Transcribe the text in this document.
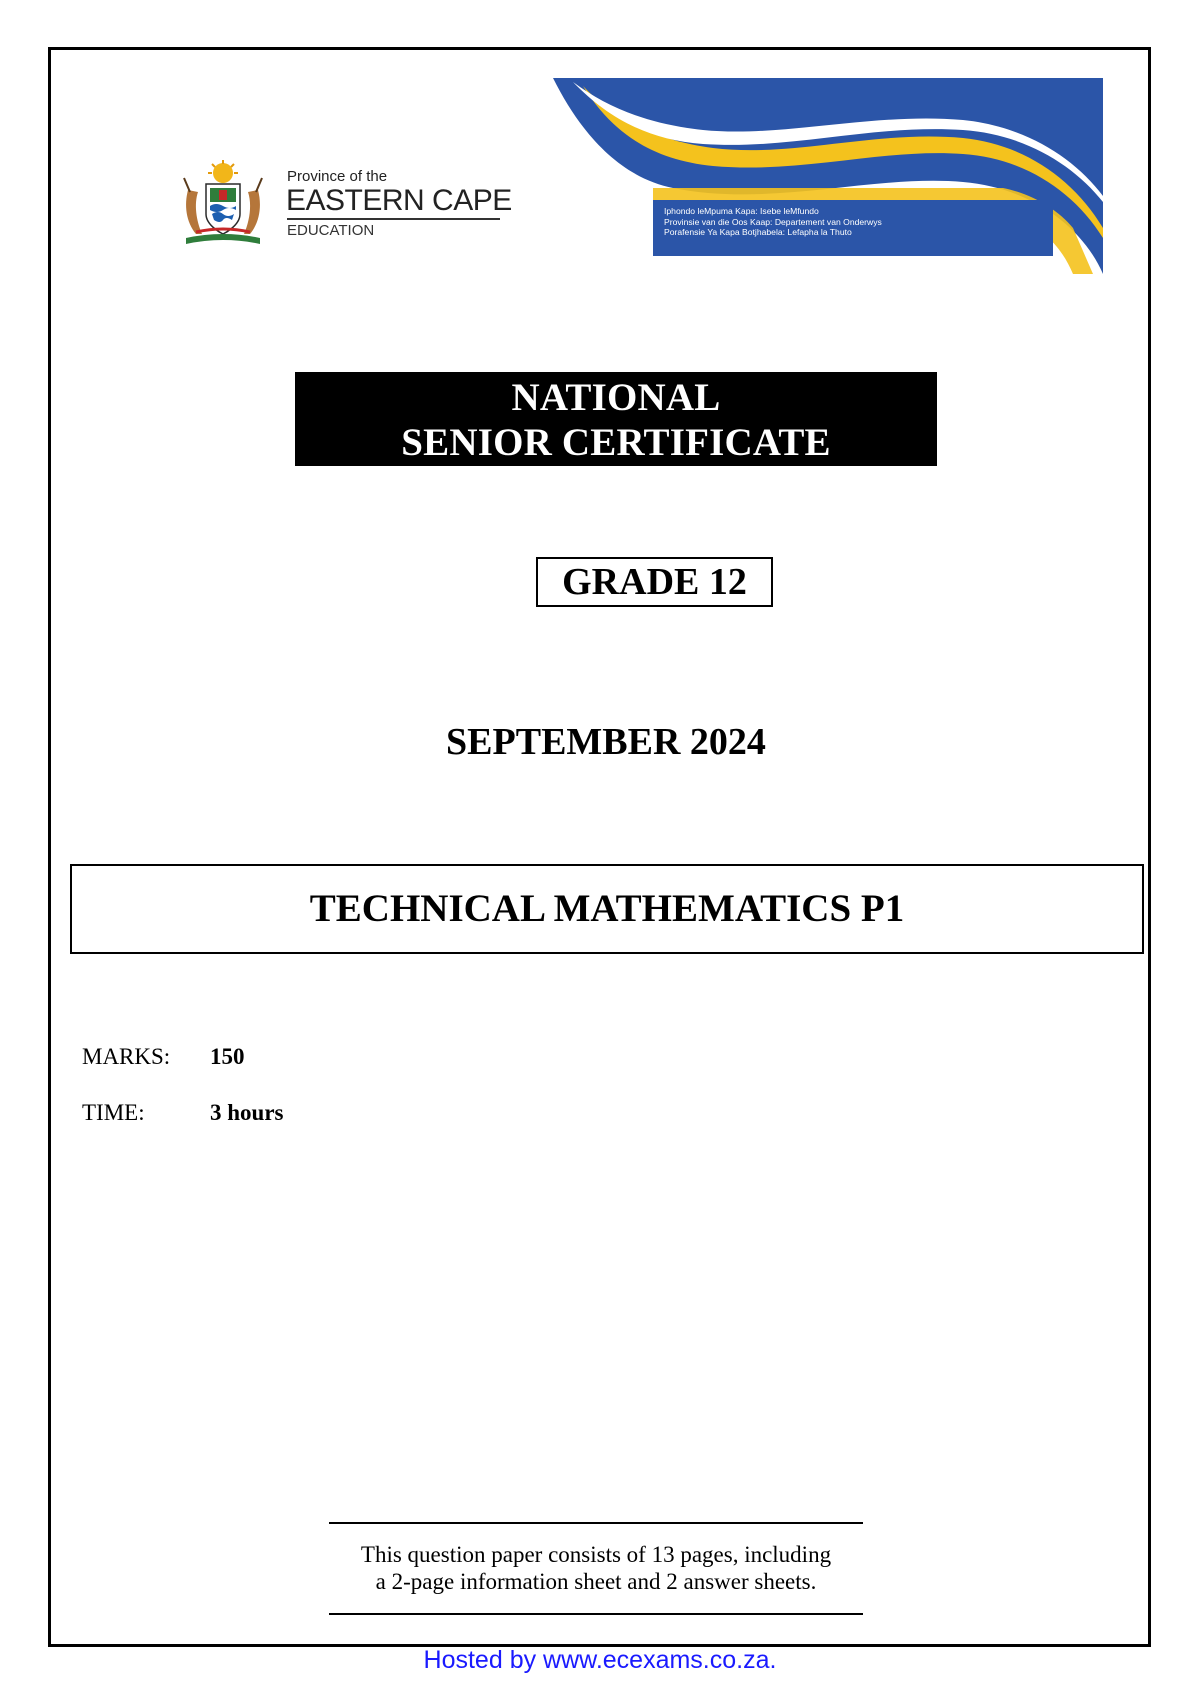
Province of the
EASTERN CAPE
EDUCATION
Iphondo leMpuma Kapa: Isebe leMfundo
Provinsie van die Oos Kaap: Departement van Onderwys
Porafensie Ya Kapa Botjhabela: Lefapha la Thuto
NATIONAL
SENIOR CERTIFICATE
GRADE 12
SEPTEMBER 2024
TECHNICAL MATHEMATICS P1
MARKS: 150
TIME:	3 hours
This question paper consists of 13 pages, including
a 2-page information sheet and 2 answer sheets.
Hosted by www.ecexams.co.za.
